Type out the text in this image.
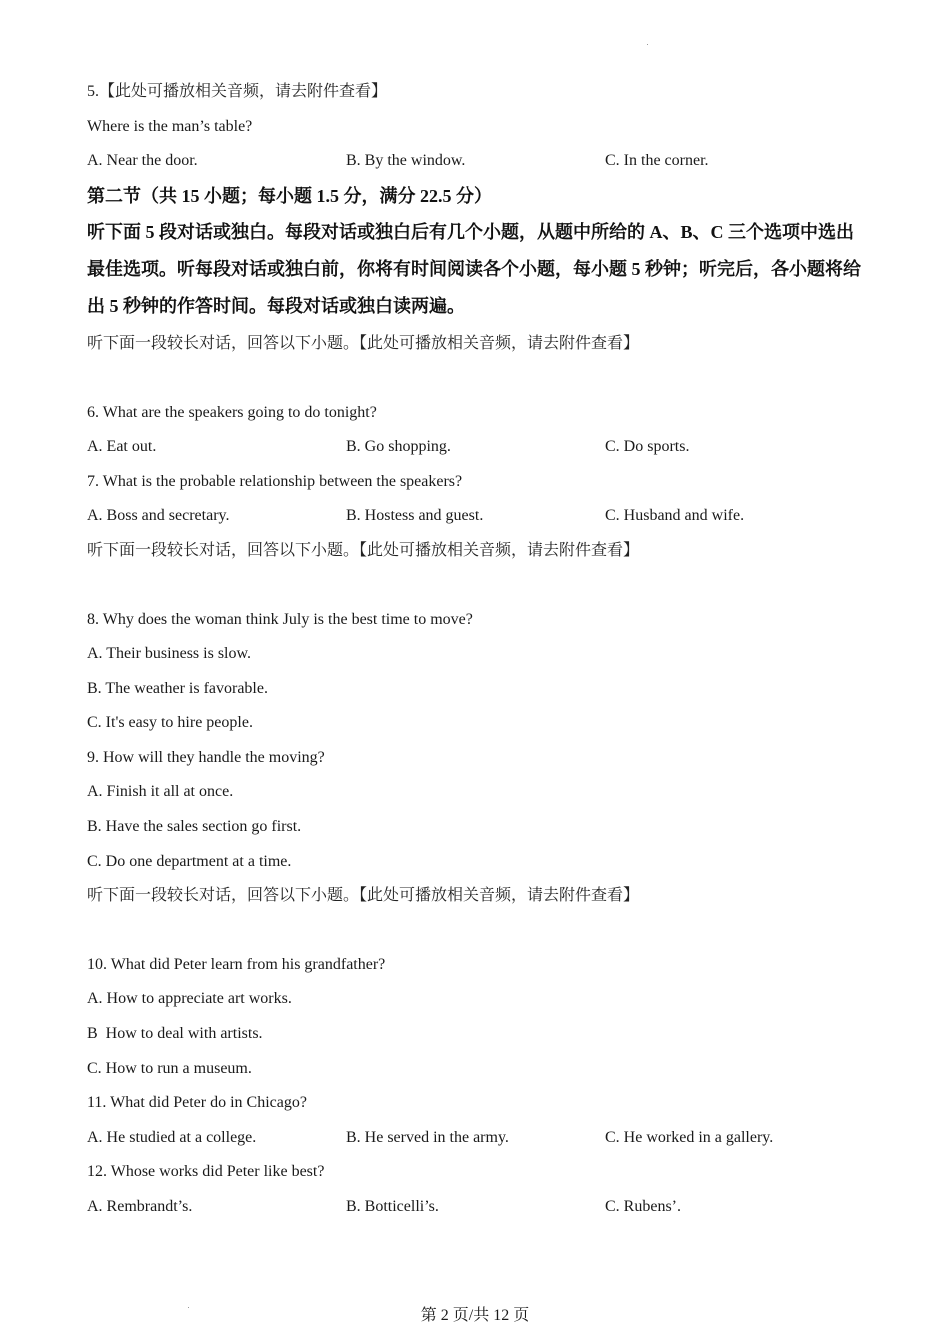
5.【此处可播放相关音频，请去附件查看】
Where is the man’s table?
A. Near the door.	B. By the window.	C. In the corner.
第二节（共 15 小题；每小题 1.5 分，满分 22.5 分）
听下面 5 段对话或独白。每段对话或独白后有几个小题，从题中所给的 A、B、C 三个选项中选出最佳选项。听每段对话或独白前，你将有时间阅读各个小题，每小题 5 秒钟；听完后，各小题将给出 5 秒钟的作答时间。每段对话或独白读两遍。
听下面一段较长对话，回答以下小题。【此处可播放相关音频，请去附件查看】
6. What are the speakers going to do tonight?
A. Eat out.	B. Go shopping.	C. Do sports.
7. What is the probable relationship between the speakers?
A. Boss and secretary.	B. Hostess and guest.	C. Husband and wife.
听下面一段较长对话，回答以下小题。【此处可播放相关音频，请去附件查看】
8. Why does the woman think July is the best time to move?
A. Their business is slow.
B. The weather is favorable.
C. It's easy to hire people.
9. How will they handle the moving?
A. Finish it all at once.
B. Have the sales section go first.
C. Do one department at a time.
听下面一段较长对话，回答以下小题。【此处可播放相关音频，请去附件查看】
10. What did Peter learn from his grandfather?
A. How to appreciate art works.
B  How to deal with artists.
C. How to run a museum.
11. What did Peter do in Chicago?
A. He studied at a college.	B. He served in the army.	C. He worked in a gallery.
12. Whose works did Peter like best?
A. Rembrandt’s.	B. Botticelli’s.	C. Rubens’.
第 2 页/共 12 页
